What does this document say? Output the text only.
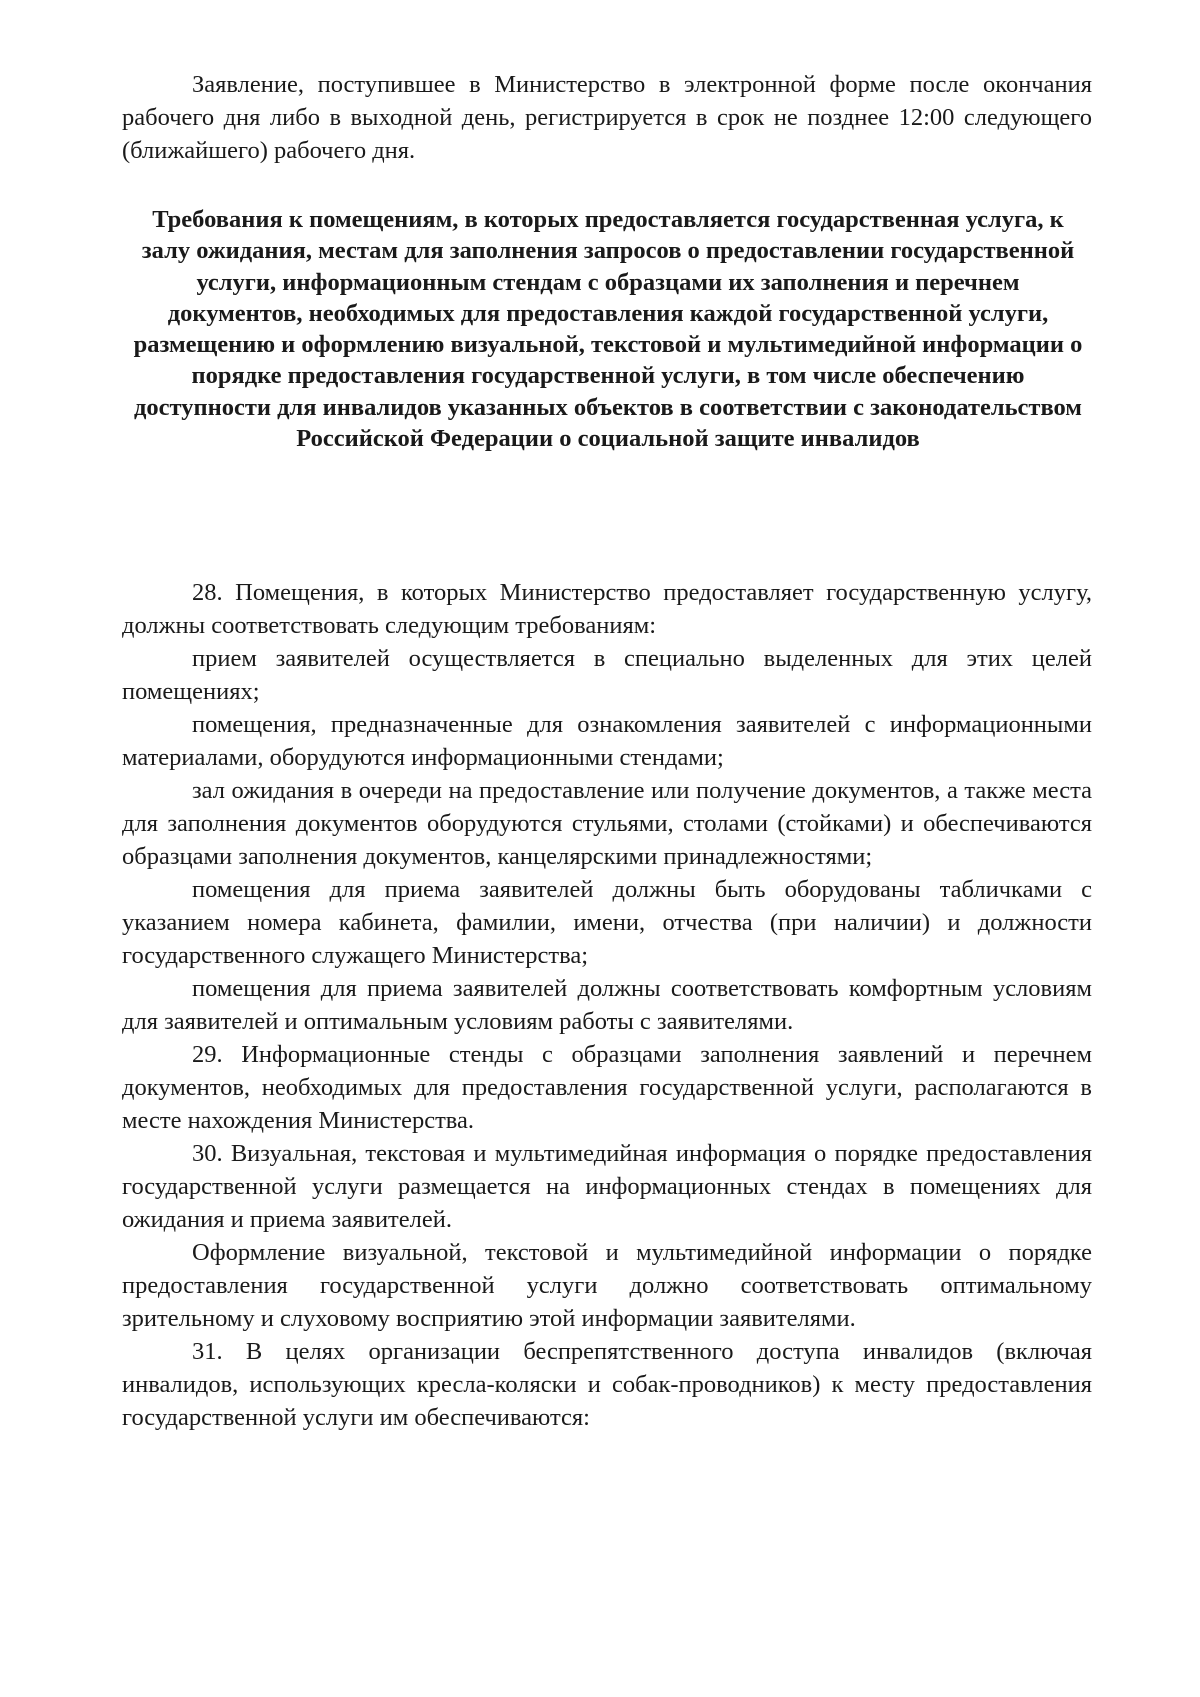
Заявление, поступившее в Министерство в электронной форме после окончания рабочего дня либо в выходной день, регистрируется в срок не позднее 12:00 следующего (ближайшего) рабочего дня.

Требования к помещениям, в которых предоставляется государственная услуга, к залу ожидания, местам для заполнения запросов о предоставлении государственной услуги, информационным стендам с образцами их заполнения и перечнем документов, необходимых для предоставления каждой государственной услуги, размещению и оформлению визуальной, текстовой и мультимедийной информации о порядке предоставления государственной услуги, в том числе обеспечению доступности для инвалидов указанных объектов в соответствии с законодательством Российской Федерации о социальной защите инвалидов

28. Помещения, в которых Министерство предоставляет государственную услугу, должны соответствовать следующим требованиям:

прием заявителей осуществляется в специально выделенных для этих целей помещениях;

помещения, предназначенные для ознакомления заявителей с информационными материалами, оборудуются информационными стендами;

зал ожидания в очереди на предоставление или получение документов, а также места для заполнения документов оборудуются стульями, столами (стойками) и обеспечиваются образцами заполнения документов, канцелярскими принадлежностями;

помещения для приема заявителей должны быть оборудованы табличками с указанием номера кабинета, фамилии, имени, отчества (при наличии) и должности государственного служащего Министерства;

помещения для приема заявителей должны соответствовать комфортным условиям для заявителей и оптимальным условиям работы с заявителями.

29. Информационные стенды с образцами заполнения заявлений и перечнем документов, необходимых для предоставления государственной услуги, располагаются в месте нахождения Министерства.

30. Визуальная, текстовая и мультимедийная информация о порядке предоставления государственной услуги размещается на информационных стендах в помещениях для ожидания и приема заявителей.

Оформление визуальной, текстовой и мультимедийной информации о порядке предоставления государственной услуги должно соответствовать оптимальному зрительному и слуховому восприятию этой информации заявителями.

31. В целях организации беспрепятственного доступа инвалидов (включая инвалидов, использующих кресла-коляски и собак-проводников) к месту предоставления государственной услуги им обеспечиваются:
